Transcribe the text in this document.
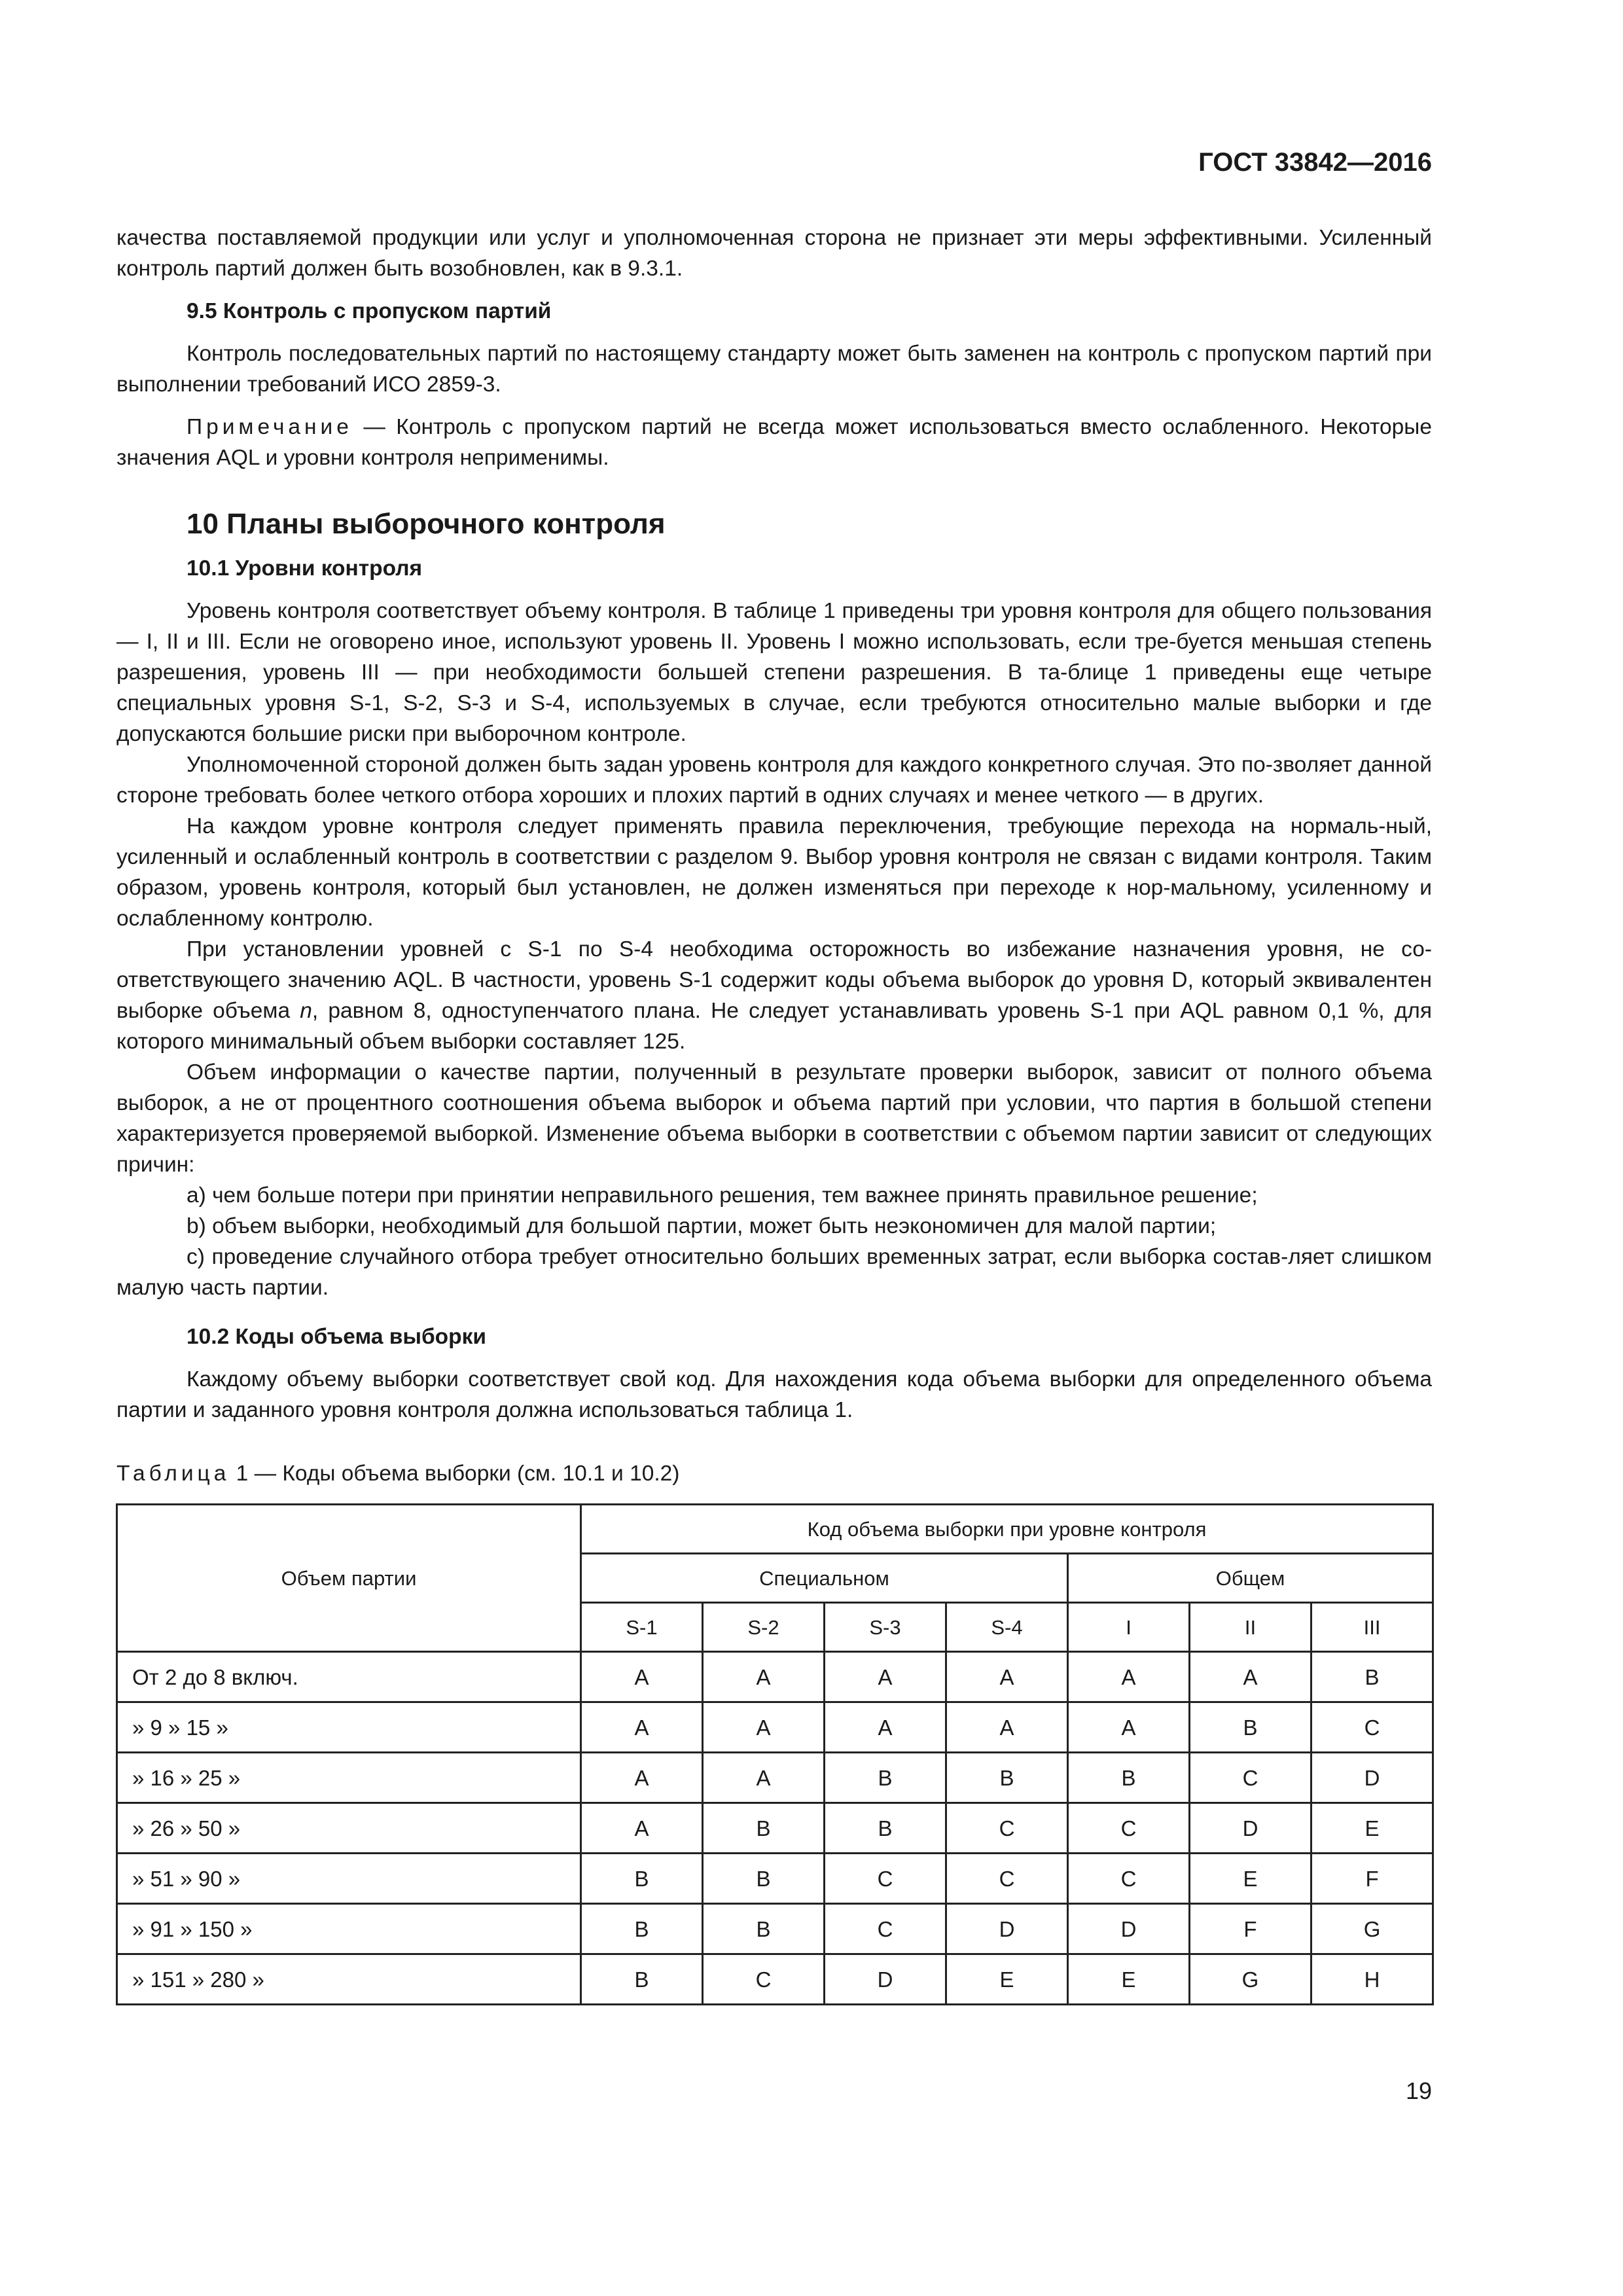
ГОСТ 33842—2016

качества поставляемой продукции или услуг и уполномоченная сторона не признает эти меры эффективными. Усиленный контроль партий должен быть возобновлен, как в 9.3.1.

9.5 Контроль с пропуском партий

Контроль последовательных партий по настоящему стандарту может быть заменен на контроль с пропуском партий при выполнении требований ИСО 2859-3.

Примечание — Контроль с пропуском партий не всегда может использоваться вместо ослабленного. Некоторые значения AQL и уровни контроля неприменимы.

10 Планы выборочного контроля

10.1 Уровни контроля

Уровень контроля соответствует объему контроля. В таблице 1 приведены три уровня контроля для общего пользования — I, II и III. Если не оговорено иное, используют уровень II. Уровень I можно использовать, если тре-буется меньшая степень разрешения, уровень III — при необходимости большей степени разрешения. В та-блице 1 приведены еще четыре специальных уровня S-1, S-2, S-3 и S-4, используемых в случае, если требуются относительно малые выборки и где допускаются большие риски при выборочном контроле.

Уполномоченной стороной должен быть задан уровень контроля для каждого конкретного случая. Это по-зволяет данной стороне требовать более четкого отбора хороших и плохих партий в одних случаях и менее четкого — в других.

На каждом уровне контроля следует применять правила переключения, требующие перехода на нормаль-ный, усиленный и ослабленный контроль в соответствии с разделом 9. Выбор уровня контроля не связан с видами контроля. Таким образом, уровень контроля, который был установлен, не должен изменяться при переходе к нор-мальному, усиленному и ослабленному контролю.

При установлении уровней с S-1 по S-4 необходима осторожность во избежание назначения уровня, не со-ответствующего значению AQL. В частности, уровень S-1 содержит коды объема выборок до уровня D, который эквивалентен выборке объема n, равном 8, одноступенчатого плана. Не следует устанавливать уровень S-1 при AQL равном 0,1 %, для которого минимальный объем выборки составляет 125.

Объем информации о качестве партии, полученный в результате проверки выборок, зависит от полного объема выборок, а не от процентного соотношения объема выборок и объема партий при условии, что партия в большой степени характеризуется проверяемой выборкой. Изменение объема выборки в соответствии с объемом партии зависит от следующих причин:

a) чем больше потери при принятии неправильного решения, тем важнее принять правильное решение;

b) объем выборки, необходимый для большой партии, может быть неэкономичен для малой партии;

c) проведение случайного отбора требует относительно больших временных затрат, если выборка состав-ляет слишком малую часть партии.

10.2 Коды объема выборки

Каждому объему выборки соответствует свой код. Для нахождения кода объема выборки для определенного объема партии и заданного уровня контроля должна использоваться таблица 1.

Таблица 1 — Коды объема выборки (см. 10.1 и 10.2)

Объем партии	Код объема выборки при уровне контроля						
	Специальном				Общем		
	S-1	S-2	S-3	S-4	I	II	III
От 2 до 8 включ.	A	A	A	A	A	A	B
» 9 » 15 »	A	A	A	A	A	B	C
» 16 » 25 »	A	A	B	B	B	C	D
» 26 » 50 »	A	B	B	C	C	D	E
» 51 » 90 »	B	B	C	C	C	E	F
» 91 » 150 »	B	B	C	D	D	F	G
» 151 » 280 »	B	C	D	E	E	G	H
19
